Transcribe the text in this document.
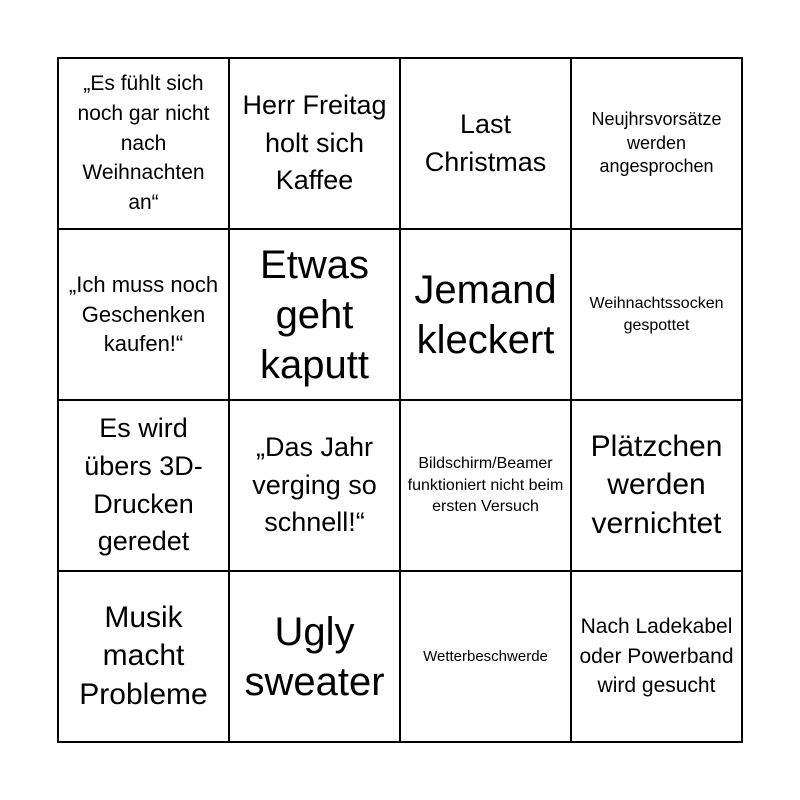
„Es fühlt sich noch gar nicht nach Weihnachten an“
Herr Freitag holt sich Kaffee
Last Christmas
Neujhrsvorsätze werden angesprochen
„Ich muss noch Geschenken kaufen!“
Etwas geht kaputt
Jemand kleckert
Weihnachtssocken gespottet
Es wird übers 3D-Drucken geredet
„Das Jahr verging so schnell!“
Bildschirm/Beamer funktioniert nicht beim ersten Versuch
Plätzchen werden vernichtet
Musik macht Probleme
Ugly sweater
Wetterbeschwerde
Nach Ladekabel oder Powerband wird gesucht
